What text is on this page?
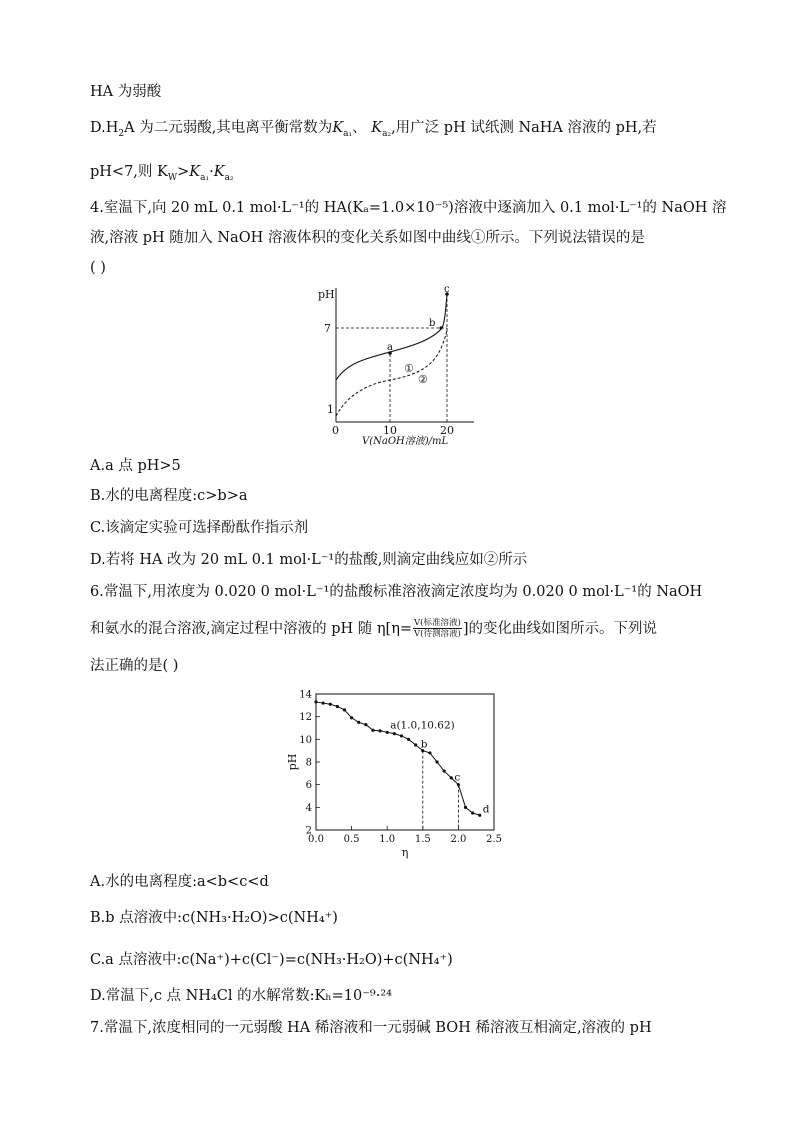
HA 为弱酸
$D.H_2A$ 为二元弱酸,其电离平衡常数为$K_{a_1}$、 $K_{a_2}$,用广泛 pH 试纸测 NaHA 溶液的 pH,若
pH<7,则 $K_W>K_{a_1}\cdot K_{a_2}$
4.室温下,向 20 mL 0.1 mol·L⁻¹的 HA(Kₐ=1.0×10⁻⁵)溶液中逐滴加入 0.1 mol·L⁻¹的 NaOH 溶
液,溶液 pH 随加入 NaOH 溶液体积的变化关系如图中曲线①所示。下列说法错误的是
( )
pH
7
1
0	10	20
V(NaOH溶液)/mL
a
b
c
①
②
A.a 点 pH>5
B.水的电离程度:c>b>a
C.该滴定实验可选择酚酞作指示剂
D.若将 HA 改为 20 mL 0.1 mol·L⁻¹的盐酸,则滴定曲线应如②所示
6.常温下,用浓度为 0.020 0 mol·L⁻¹的盐酸标准溶液滴定浓度均为 0.020 0 mol·L⁻¹的 NaOH
和氨水的混合溶液,滴定过程中溶液的 pH 随 η[η= V(标准溶液)
V(待测溶液) ]的变化曲线如图所示。下列说
法正确的是( )
0.0 0.5 1.0 1.5 2.0 2.5
2
4
6
8
10
12
14
η
pH
a(1.0,10.62)
b
c
d
A.水的电离程度:a<b<c<d
B.b 点溶液中:c(NH₃·H₂O)>c(NH₄⁺)
C.a 点溶液中:c(Na⁺)+c(Cl⁻)=c(NH₃·H₂O)+c(NH₄⁺)
D.常温下,c 点 NH₄Cl 的水解常数:Kₕ=10⁻⁹·²⁴
7.常温下,浓度相同的一元弱酸 HA 稀溶液和一元弱碱 BOH 稀溶液互相滴定,溶液的 pH
